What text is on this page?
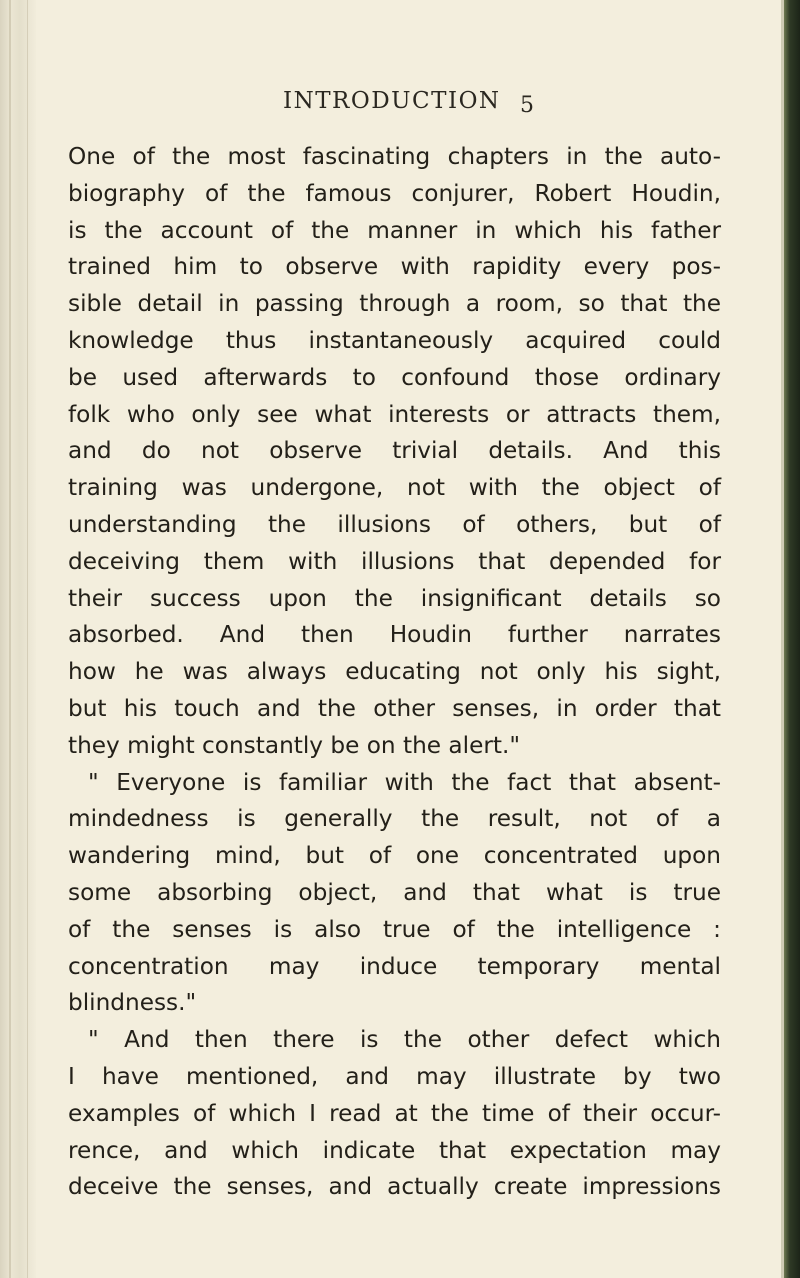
INTRODUCTION 5
One of the most fascinating chapters in the auto-
biography of the famous conjurer, Robert Houdin,
is the account of the manner in which his father
trained him to observe with rapidity every pos-
sible detail in passing through a room, so that the
knowledge thus instantaneously acquired could
be used afterwards to confound those ordinary
folk who only see what interests or attracts them,
and do not observe trivial details. And this
training was undergone, not with the object of
understanding the illusions of others, but of
deceiving them with illusions that depended for
their success upon the insignificant details so
absorbed. And then Houdin further narrates
how he was always educating not only his sight,
but his touch and the other senses, in order that
they might constantly be on the alert."
" Everyone is familiar with the fact that absent-
mindedness is generally the result, not of a
wandering mind, but of one concentrated upon
some absorbing object, and that what is true
of the senses is also true of the intelligence :
concentration may induce temporary mental
blindness."
" And then there is the other defect which
I have mentioned, and may illustrate by two
examples of which I read at the time of their occur-
rence, and which indicate that expectation may
deceive the senses, and actually create impressions
